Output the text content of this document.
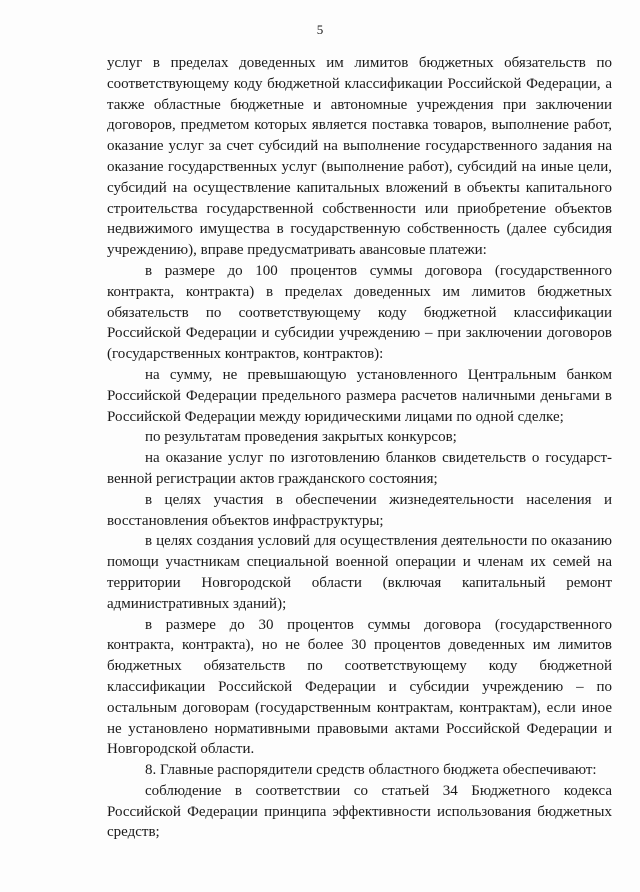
5

услуг в пределах доведенных им лимитов бюджетных обязательств по соответствующему коду бюджетной классификации Российской Федерации, а также областные бюджетные и автономные учреждения при заключении договоров, предметом которых является поставка товаров, выполнение работ, оказание услуг за счет субсидий на выполнение государственного задания на оказание государственных услуг (выполнение работ), субсидий на иные цели, субсидий на осуществление капитальных вложений в объекты капитального строительства государственной собственности или приобретение объектов недвижимого имущества в государственную собственность (далее субсидия учреждению), вправе предусматривать авансовые платежи:

в размере до 100 процентов суммы договора (государственного контракта, контракта) в пределах доведенных им лимитов бюджетных обязательств по соответствующему коду бюджетной классификации Российской Федерации и субсидии учреждению – при заключении договоров (государственных контрактов, контрактов):

на сумму, не превышающую установленного Центральным банком Российской Федерации предельного размера расчетов наличными деньгами в Российской Федерации между юридическими лицами по одной сделке;

по результатам проведения закрытых конкурсов;

на оказание услуг по изготовлению бланков свидетельств о государст-венной регистрации актов гражданского состояния;

в целях участия в обеспечении жизнедеятельности населения и восстановления объектов инфраструктуры;

в целях создания условий для осуществления деятельности по оказанию помощи участникам специальной военной операции и членам их семей на территории Новгородской области (включая капитальный ремонт административных зданий);

в размере до 30 процентов суммы договора (государственного контракта, контракта), но не более 30 процентов доведенных им лимитов бюджетных обязательств по соответствующему коду бюджетной классификации Российской Федерации и субсидии учреждению – по остальным договорам (государственным контрактам, контрактам), если иное не установлено нормативными правовыми актами Российской Федерации и Новгородской области.

8. Главные распорядители средств областного бюджета обеспечивают:

соблюдение в соответствии со статьей 34 Бюджетного кодекса Российской Федерации принципа эффективности использования бюджетных средств;
